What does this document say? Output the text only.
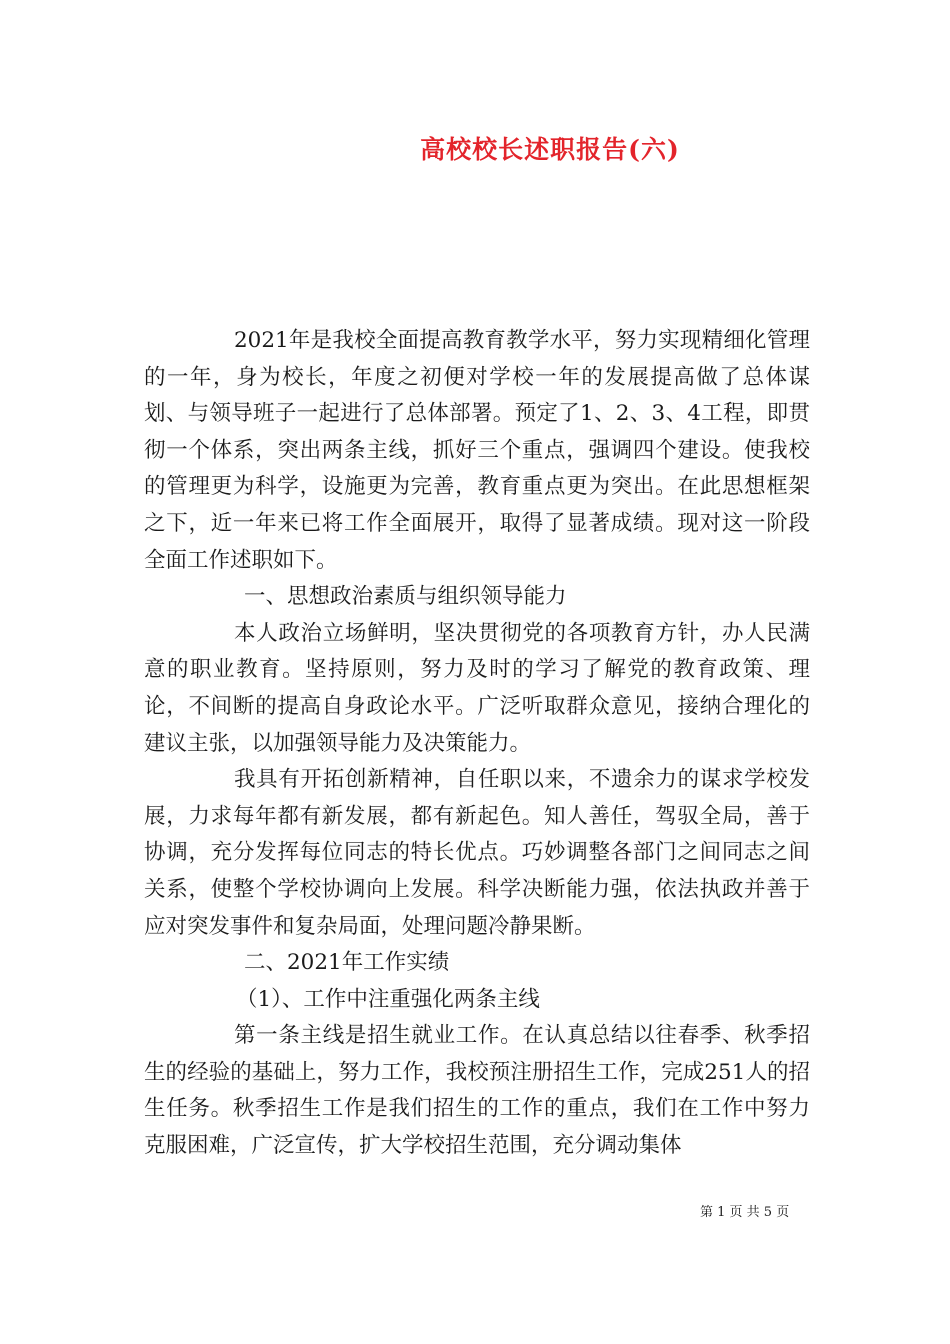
高校校长述职报告(六)

2021年是我校全面提高教育教学水平，努力实现精细化管理的一年，身为校长，年度之初便对学校一年的发展提高做了总体谋划、与领导班子一起进行了总体部署。预定了1、2、3、4工程，即贯彻一个体系，突出两条主线，抓好三个重点，强调四个建设。使我校的管理更为科学，设施更为完善，教育重点更为突出。在此思想框架之下，近一年来已将工作全面展开，取得了显著成绩。现对这一阶段全面工作述职如下。

一、思想政治素质与组织领导能力

本人政治立场鲜明，坚决贯彻党的各项教育方针，办人民满意的职业教育。坚持原则，努力及时的学习了解党的教育政策、理论，不间断的提高自身政论水平。广泛听取群众意见，接纳合理化的建议主张，以加强领导能力及决策能力。

我具有开拓创新精神，自任职以来，不遗余力的谋求学校发展，力求每年都有新发展，都有新起色。知人善任，驾驭全局，善于协调，充分发挥每位同志的特长优点。巧妙调整各部门之间同志之间关系，使整个学校协调向上发展。科学决断能力强，依法执政并善于应对突发事件和复杂局面，处理问题冷静果断。

二、2021年工作实绩

（1）、工作中注重强化两条主线

第一条主线是招生就业工作。在认真总结以往春季、秋季招生的经验的基础上，努力工作，我校预注册招生工作，完成251人的招生任务。秋季招生工作是我们招生的工作的重点，我们在工作中努力克服困难，广泛宣传，扩大学校招生范围，充分调动集体

第 1 页 共 5 页
